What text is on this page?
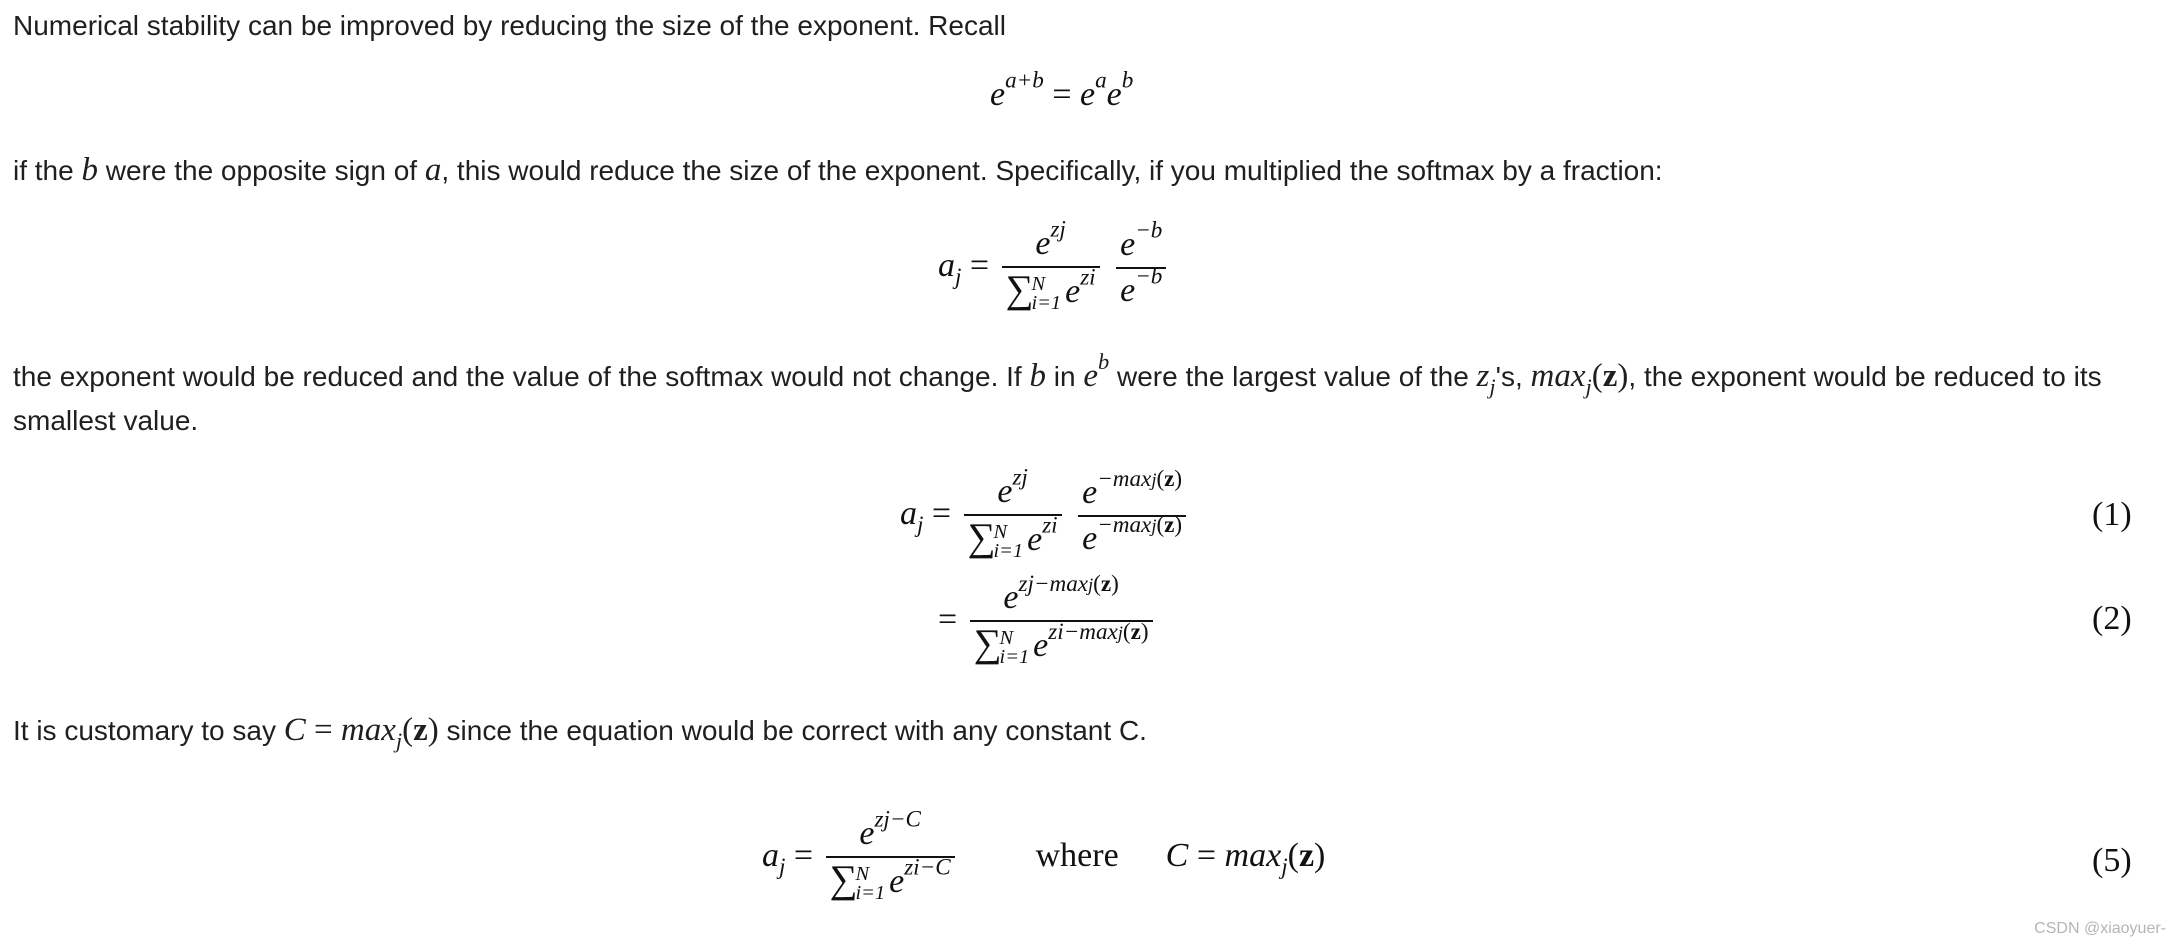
Numerical stability can be improved by reducing the size of the exponent. Recall

$e^{a+b} = e^ae^b$

if the b were the opposite sign of a, this would reduce the size of the exponent. Specifically, if you multiplied the softmax by a fraction:

$a_j = e^{zj}$
∑
N
i=1 $e^{zi}$
$\frac{e^{-b}}{e^{-b}}$

the exponent would be reduced and the value of the softmax would not change. If b in $e^b$ were the largest value of the $z_j's$, $\max_j(z)$, the exponent would be reduced to its smallest value.

$a_j = e^{zj}$
∑
N
i=1 $e^{zi}$
$\frac{e^{-maxj(z)}}{e^{-maxj(z)}}$	(1)
= $e^{zj-maxj(z)}$
∑
N
i=1 $e^{zi-maxj(z)}$	(2)

It is customary to say $C = \max_j(z)$ since the equation would be correct with any constant C.

$a_j = e^{zj-C}$
∑
N
i=1 $e^{zi-C}$ where $C = \max_j(z)$	(5)
CSDN @xiaoyuer-
